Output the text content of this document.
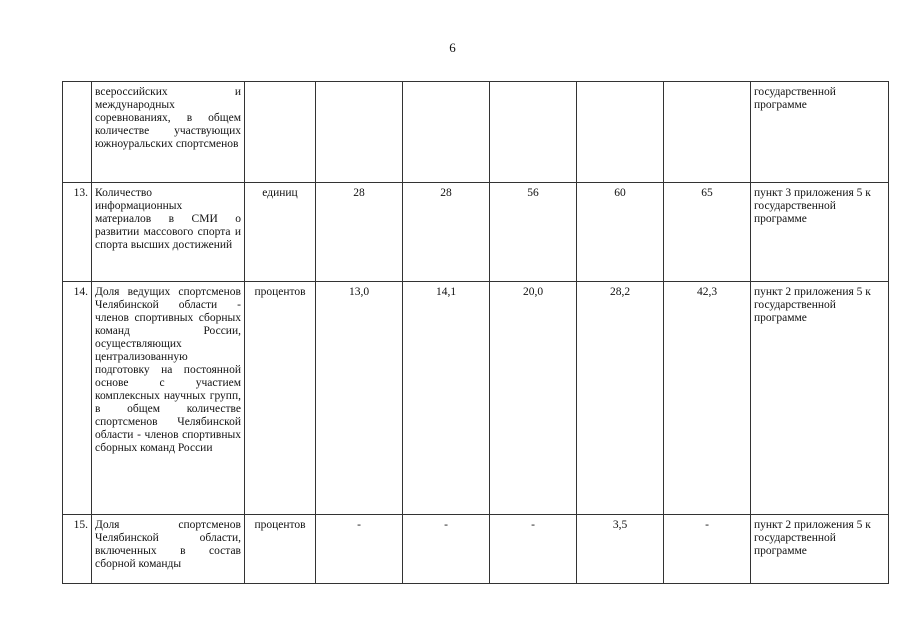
6
	всероссийских и международных соревнованиях, в общем количестве участвующих южноуральских спортсменов							государственной программе
13.	Количество информационных материалов в СМИ о развитии массового спорта и спорта высших достижений	единиц	28	28	56	60	65	пункт 3 приложения 5 к государственной программе
14.	Доля ведущих спортсменов Челябинской области - членов спортивных сборных команд России, осуществляющих централизованную подготовку на постоянной основе с участием комплексных научных групп, в общем количестве спортсменов Челябинской области - членов спортивных сборных команд России	процентов	13,0	14,1	20,0	28,2	42,3	пункт 2 приложения 5 к государственной программе
15.	Доля спортсменов Челябинской области, включенных в состав сборной команды	процентов	-	-	-	3,5	-	пункт 2 приложения 5 к государственной программе
